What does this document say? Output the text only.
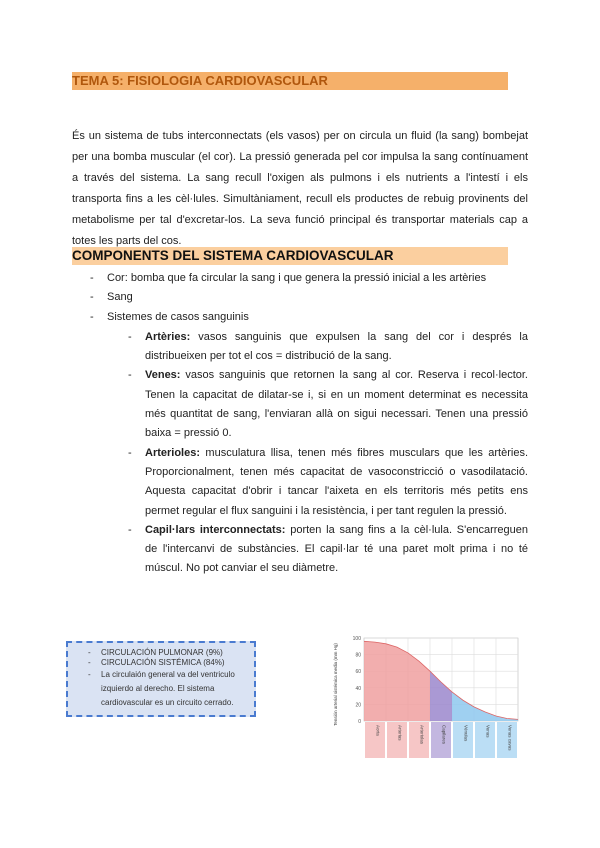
TEMA 5: FISIOLOGIA CARDIOVASCULAR

És un sistema de tubs interconnectats (els vasos) per on circula un fluid (la sang) bombejat per una bomba muscular (el cor). La pressió generada pel cor impulsa la sang contínuament a través del sistema. La sang recull l'oxigen als pulmons i els nutrients a l'intestí i els transporta fins a les cèl·lules. Simultàniament, recull els productes de rebuig provinents del metabolisme per tal d'excretar-los. La seva funció principal és transportar materials cap a totes les parts del cos.

COMPONENTS DEL SISTEMA CARDIOVASCULAR
- Cor: bomba que fa circular la sang i que genera la pressió inicial a les artèries
- Sang
- Sistemes de casos sanguinis
- Artèries: vasos sanguinis que expulsen la sang del cor i després la distribueixen per tot el cos = distribució de la sang.
- Venes: vasos sanguinis que retornen la sang al cor. Reserva i recol·lector. Tenen la capacitat de dilatar-se i, si en un moment determinat es necessita més quantitat de sang, l'enviaran allà on sigui necessari. Tenen una pressió baixa = pressió 0.
- Arterioles: musculatura llisa, tenen més fibres musculars que les artèries. Proporcionalment, tenen més capacitat de vasoconstricció o vasodilatació. Aquesta capacitat d'obrir i tancar l'aixeta en els territoris més petits ens permet regular el flux sanguini i la resistència, i per tant regulen la pressió.
- Capil·lars interconnectats: porten la sang fins a la cèl·lula. S'encarreguen de l'intercanvi de substàncies. El capil·lar té una paret molt prima i no té múscul. No pot canviar el seu diàmetre.
- CIRCULACIÓN PULMONAR (9%)
- CIRCULACIÓN SISTÉMICA (84%)
- La circulaión general va del ventriculo izquierdo al derecho. El sistema cardiovascular es un circuito cerrado.
0
20
40
60
80
100
Aorta	Arterias	Arteriolas	Capilares	Vénulas	Venas	Venas cavas
Tensión arterial sistémica media (mm Hg)
